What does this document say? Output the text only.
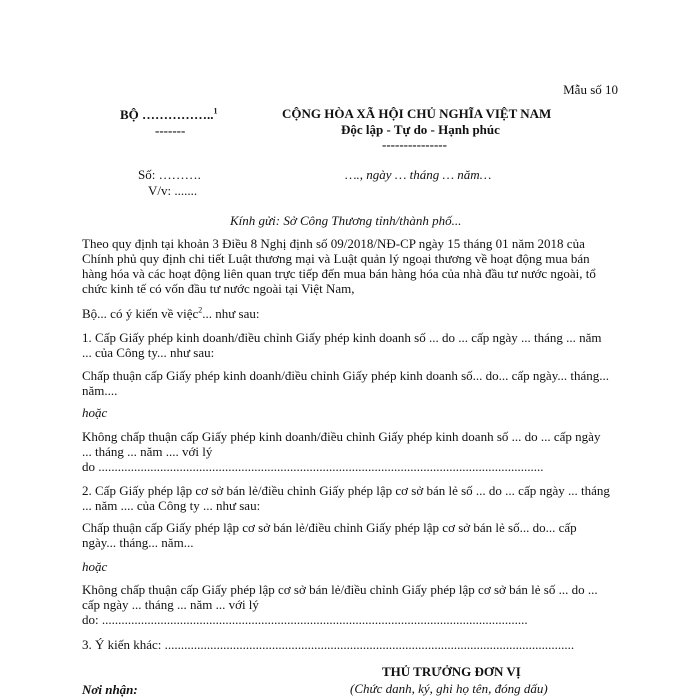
Mẫu số 10
BỘ ……………..$^1$
-------
CỘNG HÒA XÃ HỘI CHỦ NGHĨA VIỆT NAM
Độc lập - Tự do - Hạnh phúc
---------------
Số: ……….
V/v: .......
…., ngày … tháng … năm…
Kính gửi: Sở Công Thương tỉnh/thành phố...
Theo quy định tại khoản 3 Điều 8 Nghị định số 09/2018/NĐ-CP ngày 15 tháng 01 năm 2018 của Chính phủ quy định chi tiết Luật thương mại và Luật quản lý ngoại thương về hoạt động mua bán hàng hóa và các hoạt động liên quan trực tiếp đến mua bán hàng hóa của nhà đầu tư nước ngoài, tổ chức kinh tế có vốn đầu tư nước ngoài tại Việt Nam,
Bộ... có ý kiến về việc$^2$... như sau:
1. Cấp Giấy phép kinh doanh/điều chỉnh Giấy phép kinh doanh số ... do ... cấp ngày ... tháng ... năm ... của Công ty... như sau:
Chấp thuận cấp Giấy phép kinh doanh/điều chỉnh Giấy phép kinh doanh số... do... cấp ngày... tháng... năm....
hoặc
Không chấp thuận cấp Giấy phép kinh doanh/điều chỉnh Giấy phép kinh doanh số ... do ... cấp ngày ... tháng ... năm .... với lý
do .........................................................................................................................................
2. Cấp Giấy phép lập cơ sở bán lẻ/điều chỉnh Giấy phép lập cơ sở bán lẻ số ... do ... cấp ngày ... tháng ... năm .... của Công ty ... như sau:
Chấp thuận cấp Giấy phép lập cơ sở bán lẻ/điều chỉnh Giấy phép lập cơ sở bán lẻ số... do... cấp ngày... tháng... năm...
hoặc
Không chấp thuận cấp Giấy phép lập cơ sở bán lẻ/điều chỉnh Giấy phép lập cơ sở bán lẻ số ... do ... cấp ngày ... tháng ... năm ... với lý
do: ...................................................................................................................................
3. Ý kiến khác: ..............................................................................................................................
THỦ TRƯỞNG ĐƠN VỊ
(Chức danh, ký, ghi họ tên, đóng dấu)
Nơi nhận:
